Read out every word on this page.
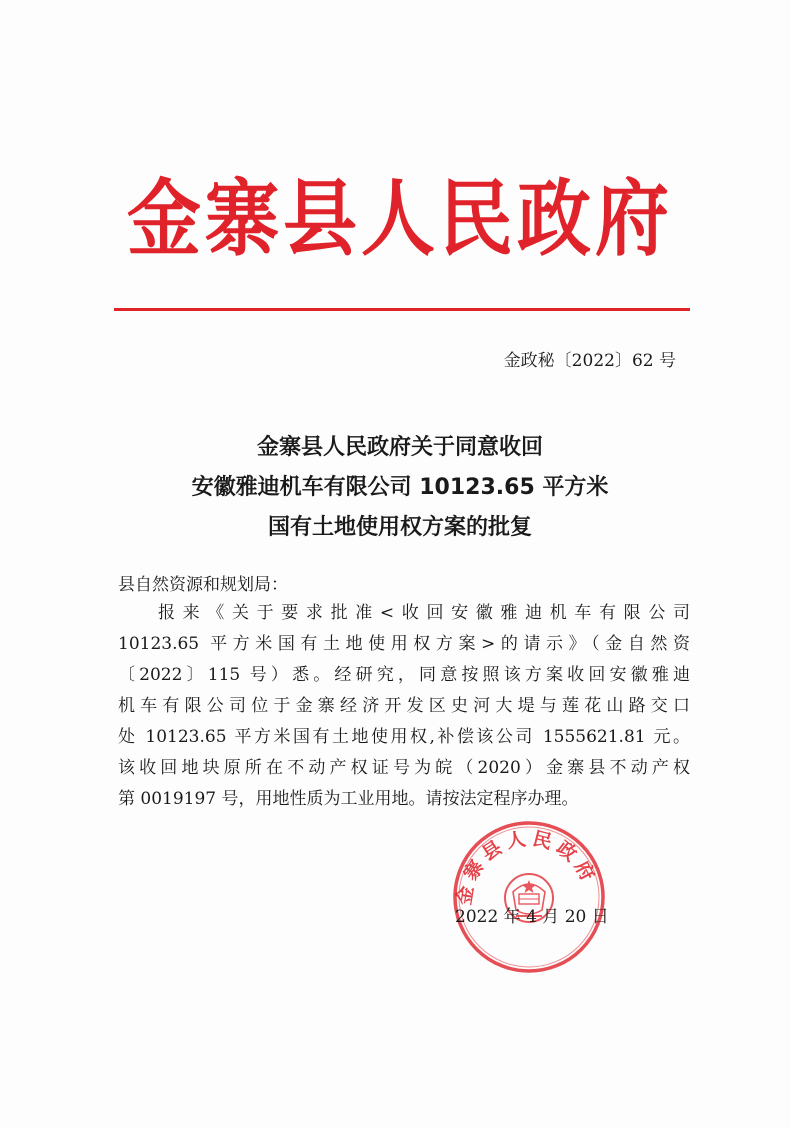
金寨县人民政府
金政秘〔2022〕62 号
金寨县人民政府关于同意收回
安徽雅迪机车有限公司 10123.65 平方米
国有土地使用权方案的批复
县自然资源和规划局：
报来《关于要求批准<收回安徽雅迪机车有限公司
10123.65 平方米国有土地使用权方案>的请示》（金自然资
〔2022〕115 号）悉。经研究，同意按照该方案收回安徽雅迪
机车有限公司位于金寨经济开发区史河大堤与莲花山路交口
处 10123.65 平方米国有土地使用权,补偿该公司 1555621.81 元。
该收回地块原所在不动产权证号为皖（2020）金寨县不动产权
第 0019197 号，用地性质为工业用地。请按法定程序办理。
金寨县人民政府
2022 年 4 月 20 日
